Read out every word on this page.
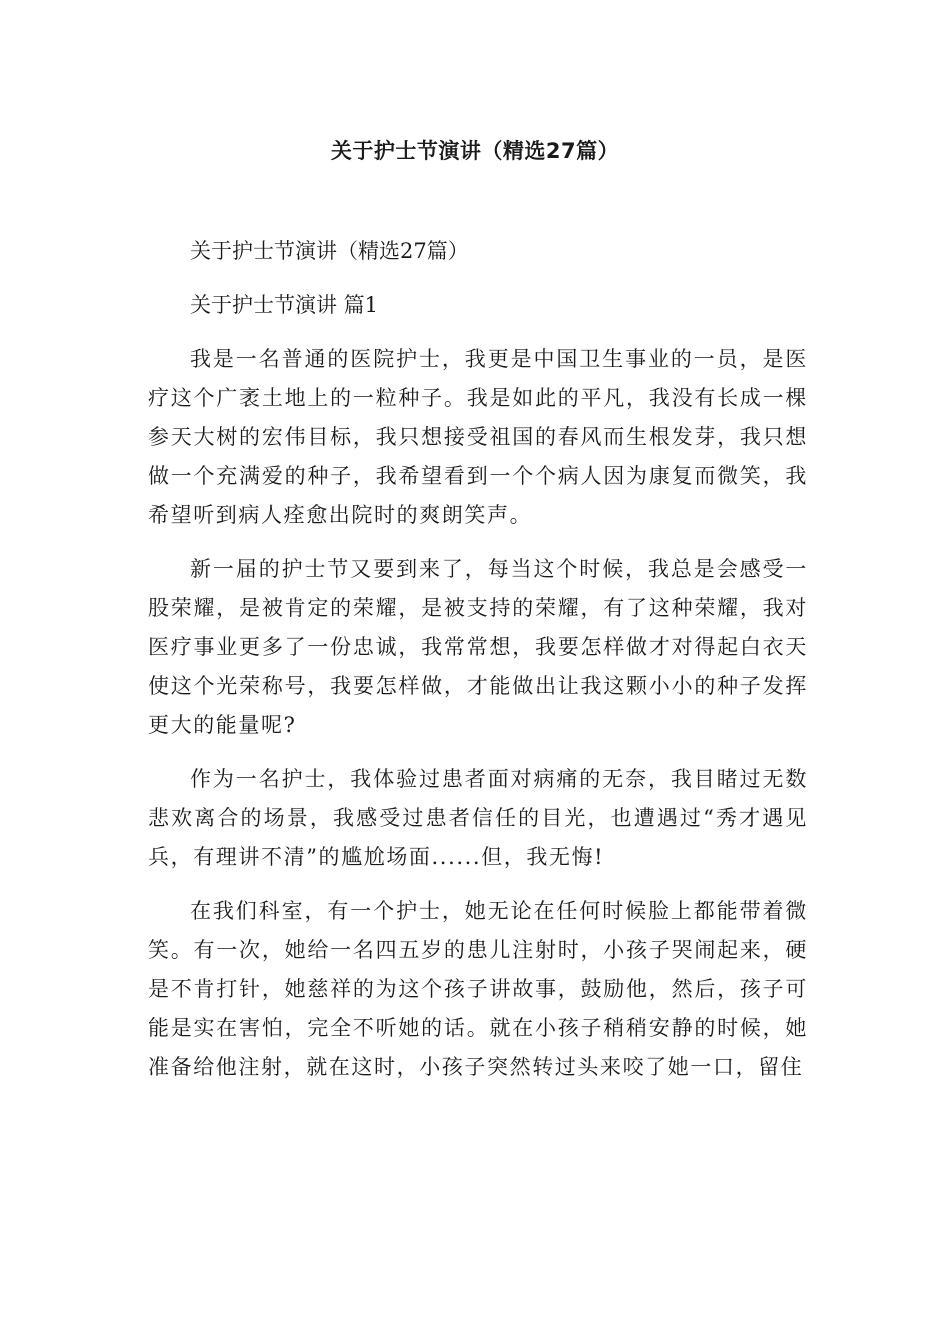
关于护士节演讲（精选27篇）
关于护士节演讲（精选27篇）
关于护士节演讲 篇1

我是一名普通的医院护士，我更是中国卫生事业的一员，是医疗这个广袤土地上的一粒种子。我是如此的平凡，我没有长成一棵参天大树的宏伟目标，我只想接受祖国的春风而生根发芽，我只想做一个充满爱的种子，我希望看到一个个病人因为康复而微笑，我希望听到病人痊愈出院时的爽朗笑声。

新一届的护士节又要到来了，每当这个时候，我总是会感受一股荣耀，是被肯定的荣耀，是被支持的荣耀，有了这种荣耀，我对医疗事业更多了一份忠诚，我常常想，我要怎样做才对得起白衣天使这个光荣称号，我要怎样做，才能做出让我这颗小小的种子发挥更大的能量呢?

作为一名护士，我体验过患者面对病痛的无奈，我目睹过无数悲欢离合的场景，我感受过患者信任的目光，也遭遇过“秀才遇见兵，有理讲不清”的尴尬场面......但，我无悔!

在我们科室，有一个护士，她无论在任何时候脸上都能带着微笑。有一次，她给一名四五岁的患儿注射时，小孩子哭闹起来，硬是不肯打针，她慈祥的为这个孩子讲故事，鼓励他，然后，孩子可能是实在害怕，完全不听她的话。就在小孩子稍稍安静的时候，她准备给他注射，就在这时，小孩子突然转过头来咬了她一口，留住
